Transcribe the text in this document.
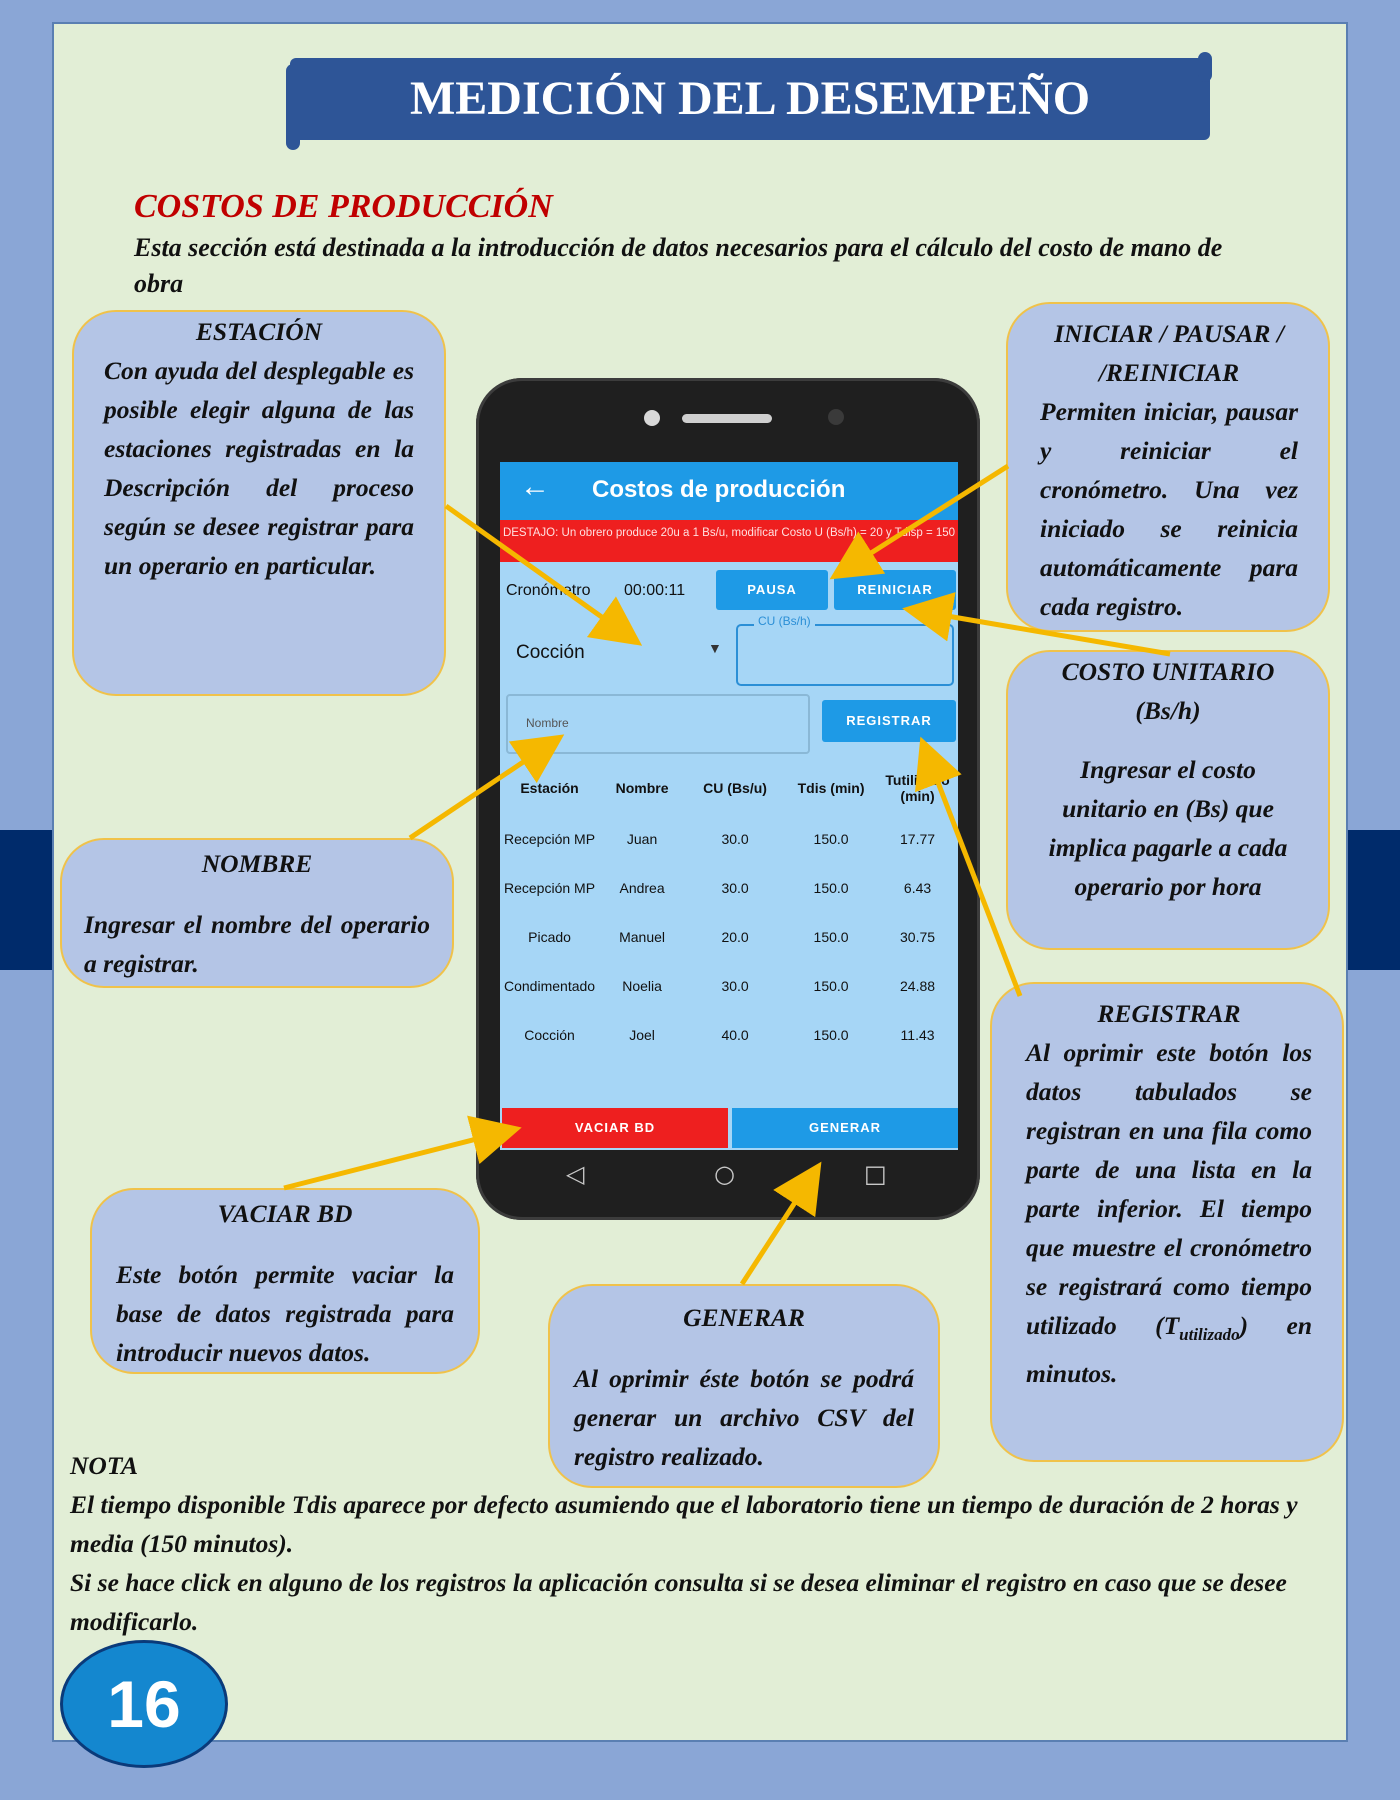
MEDICIÓN DEL DESEMPEÑO
COSTOS DE PRODUCCIÓN
Esta sección está destinada a la introducción de datos necesarios para el cálculo del costo de mano de obra
ESTACIÓN
Con ayuda del desplegable es posible elegir alguna de las estaciones registradas en la Descripción del proceso según se desee registrar para un operario en particular.
NOMBRE
Ingresar el nombre del operario a registrar.
VACIAR BD
Este botón permite vaciar la base de datos registrada para introducir nuevos datos.
GENERAR
Al oprimir éste botón se podrá generar un archivo CSV del registro realizado.
INICIAR / PAUSAR / /REINICIAR
Permiten iniciar, pausar y reiniciar el cronómetro. Una vez iniciado se reinicia automáticamente para cada registro.
COSTO UNITARIO (Bs/h)
Ingresar el costo unitario en (Bs) que implica pagarle a cada operario por hora
REGISTRAR
Al oprimir este botón los datos tabulados se registran en una fila como parte de una lista en la parte inferior. El tiempo que muestre el cronómetro se registrará como tiempo utilizado $(T_{utilizado})$ en minutos.
← Costos de producción
DESTAJO: Un obrero produce 20u a 1 Bs/u, modificar Costo U (Bs/h) = 20 y Tdisp = 150
Cronómetro 00:00:11	PAUSA	REINICIAR
Cocción	▼
CU (Bs/h)
Nombre	REGISTRAR
Estación	Nombre	CU (Bs/u)	Tdis (min)	Tutilizado (min)
Recepción MP	Juan	30.0	150.0	17.77
Recepción MP	Andrea	30.0	150.0	6.43
Picado	Manuel	20.0	150.0	30.75
Condimentado	Noelia	30.0	150.0	24.88
Cocción	Joel	40.0	150.0	11.43
VACIAR BD	GENERAR
◁	○	□
NOTA
El tiempo disponible Tdis aparece por defecto asumiendo que el laboratorio tiene un tiempo de duración de 2 horas y media (150 minutos).
Si se hace click en alguno de los registros la aplicación consulta si se desea eliminar el registro en caso que se desee modificarlo.
16
